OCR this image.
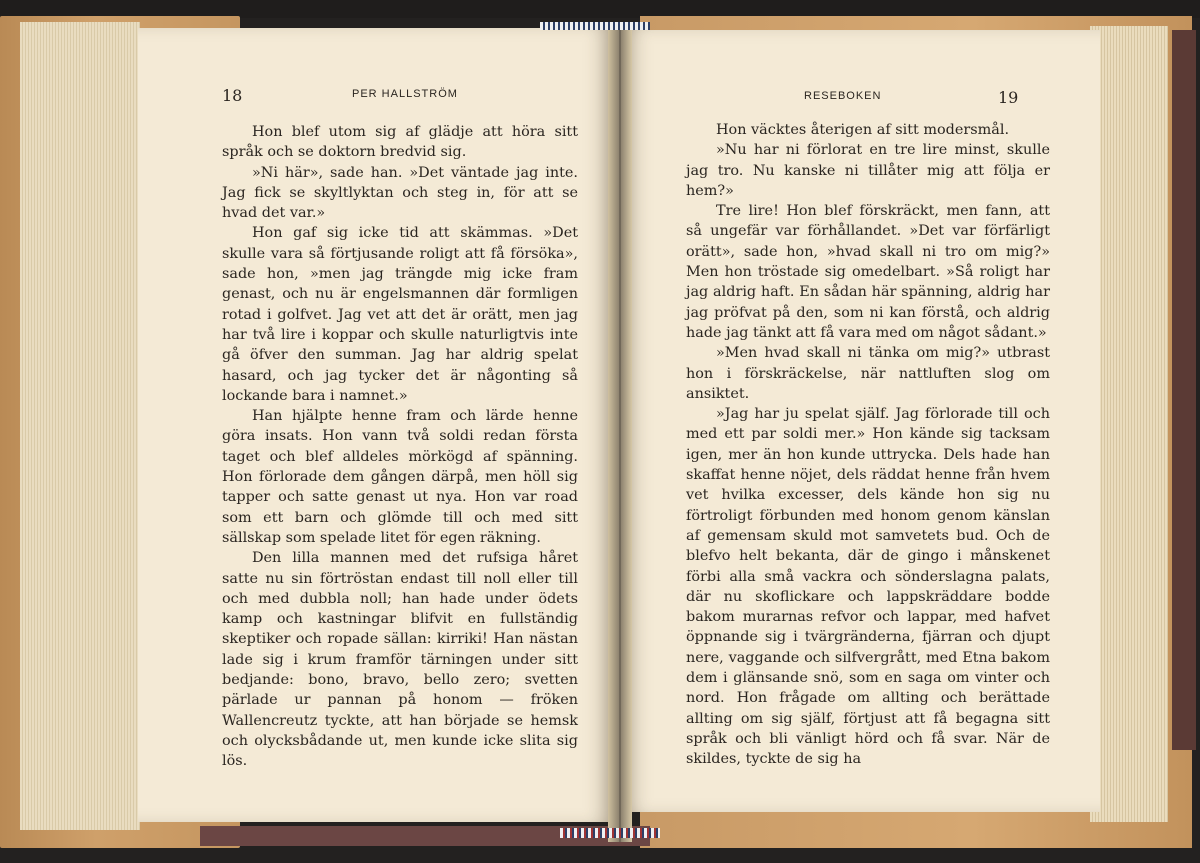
18	PER HALLSTRÖM

Hon blef utom sig af glädje att höra sitt språk och se doktorn bredvid sig.

»Ni här», sade han. »Det väntade jag inte. Jag fick se skyltlyktan och steg in, för att se hvad det var.»

Hon gaf sig icke tid att skämmas. »Det skulle vara så förtjusande roligt att få försöka», sade hon, »men jag trängde mig icke fram genast, och nu är engelsmannen där formligen rotad i golfvet. Jag vet att det är orätt, men jag har två lire i koppar och skulle naturligtvis inte gå öfver den summan. Jag har aldrig spelat hasard, och jag tycker det är någonting så lockande bara i namnet.»

Han hjälpte henne fram och lärde henne göra insats. Hon vann två soldi redan första taget och blef alldeles mörkögd af spänning. Hon förlorade dem gången därpå, men höll sig tapper och satte genast ut nya. Hon var road som ett barn och glömde till och med sitt sällskap som spelade litet för egen räkning.

Den lilla mannen med det rufsiga håret satte nu sin förtröstan endast till noll eller till och med dubbla noll; han hade under ödets kamp och kastningar blifvit en fullständig skeptiker och ropade sällan: kirriki! Han nästan lade sig i krum framför tärningen under sitt bedjande: bono, bravo, bello zero; svetten pärlade ur pannan på honom — fröken Wallencreutz tyckte, att han började se hemsk och olycksbådande ut, men kunde icke slita sig lös.

RESEBOKEN	19

Hon väcktes återigen af sitt modersmål.

»Nu har ni förlorat en tre lire minst, skulle jag tro. Nu kanske ni tillåter mig att följa er hem?»

Tre lire! Hon blef förskräckt, men fann, att så ungefär var förhållandet. »Det var förfärligt orätt», sade hon, »hvad skall ni tro om mig?» Men hon tröstade sig omedelbart. »Så roligt har jag aldrig haft. En sådan här spänning, aldrig har jag pröfvat på den, som ni kan förstå, och aldrig hade jag tänkt att få vara med om något sådant.»

»Men hvad skall ni tänka om mig?» utbrast hon i förskräckelse, när nattluften slog om ansiktet.

»Jag har ju spelat själf. Jag förlorade till och med ett par soldi mer.» Hon kände sig tacksam igen, mer än hon kunde uttrycka. Dels hade han skaffat henne nöjet, dels räddat henne från hvem vet hvilka excesser, dels kände hon sig nu förtroligt förbunden med honom genom känslan af gemensam skuld mot samvetets bud. Och de blefvo helt bekanta, där de gingo i månskenet förbi alla små vackra och sönderslagna palats, där nu skoflickare och lappskräddare bodde bakom murarnas refvor och lappar, med hafvet öppnande sig i tvärgränderna, fjärran och djupt nere, vaggande och silfvergrått, med Etna bakom dem i glänsande snö, som en saga om vinter och nord. Hon frågade om allting och berättade allting om sig själf, förtjust att få begagna sitt språk och bli vänligt hörd och få svar. När de skildes, tyckte de sig ha
